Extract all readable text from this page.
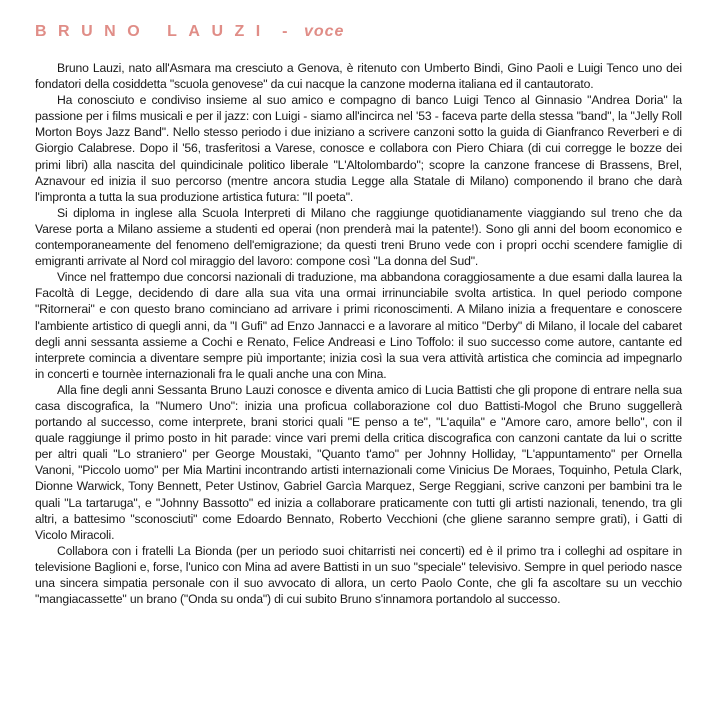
BRUNO LAUZI - voce

Bruno Lauzi, nato all'Asmara ma cresciuto a Genova, è ritenuto con Umberto Bindi, Gino Paoli e Luigi Tenco uno dei fondatori della cosiddetta "scuola genovese" da cui nacque la canzone moderna italiana ed il cantautorato.

Ha conosciuto e condiviso insieme al suo amico e compagno di banco Luigi Tenco al Ginnasio "Andrea Doria" la passione per i films musicali e per il jazz: con Luigi - siamo all'incirca nel '53 - faceva parte della stessa "band", la "Jelly Roll Morton Boys Jazz Band". Nello stesso periodo i due iniziano a scrivere canzoni sotto la guida di Gianfranco Reverberi e di Giorgio Calabrese. Dopo il '56, trasferitosi a Varese, conosce e collabora con Piero Chiara (di cui corregge le bozze dei primi libri) alla nascita del quindicinale politico liberale "L'Altolombardo"; scopre la canzone francese di Brassens, Brel, Aznavour ed inizia il suo percorso (mentre ancora studia Legge alla Statale di Milano) componendo il brano che darà l'impronta a tutta la sua produzione artistica futura: "Il poeta".

Si diploma in inglese alla Scuola Interpreti di Milano che raggiunge quotidianamente viaggiando sul treno che da Varese porta a Milano assieme a studenti ed operai (non prenderà mai la patente!). Sono gli anni del boom economico e contemporaneamente del fenomeno dell'emigrazione; da questi treni Bruno vede con i propri occhi scendere famiglie di emigranti arrivate al Nord col miraggio del lavoro: compone così "La donna del Sud".

Vince nel frattempo due concorsi nazionali di traduzione, ma abbandona coraggiosamente a due esami dalla laurea la Facoltà di Legge, decidendo di dare alla sua vita una ormai irrinunciabile svolta artistica. In quel periodo compone "Ritornerai" e con questo brano cominciano ad arrivare i primi riconoscimenti. A Milano inizia a frequentare e conoscere l'ambiente artistico di quegli anni, da "I Gufi" ad Enzo Jannacci e a lavorare al mitico "Derby" di Milano, il locale del cabaret degli anni sessanta assieme a Cochi e Renato, Felice Andreasi e Lino Toffolo: il suo successo come autore, cantante ed interprete comincia a diventare sempre più importante; inizia così la sua vera attività artistica che comincia ad impegnarlo in concerti e tournèe internazionali fra le quali anche una con Mina.

Alla fine degli anni Sessanta Bruno Lauzi conosce e diventa amico di Lucia Battisti che gli propone di entrare nella sua casa discografica, la "Numero Uno": inizia una proficua collaborazione col duo Battisti-Mogol che Bruno suggellerà portando al successo, come interprete, brani storici quali "E penso a te", "L'aquila" e "Amore caro, amore bello", con il quale raggiunge il primo posto in hit parade: vince vari premi della critica discografica con canzoni cantate da lui o scritte per altri quali "Lo straniero" per George Moustaki, "Quanto t'amo" per Johnny Holliday, "L'appuntamento" per Ornella Vanoni, "Piccolo uomo" per Mia Martini incontrando artisti internazionali come Vinicius De Moraes, Toquinho, Petula Clark, Dionne Warwick, Tony Bennett, Peter Ustinov, Gabriel Garcìa Marquez, Serge Reggiani, scrive canzoni per bambini tra le quali "La tartaruga", e "Johnny Bassotto" ed inizia a collaborare praticamente con tutti gli artisti nazionali, tenendo, tra gli altri, a battesimo "sconosciuti" come Edoardo Bennato, Roberto Vecchioni (che gliene saranno sempre grati), i Gatti di Vicolo Miracoli.

Collabora con i fratelli La Bionda (per un periodo suoi chitarristi nei concerti) ed è il primo tra i colleghi ad ospitare in televisione Baglioni e, forse, l'unico con Mina ad avere Battisti in un suo "speciale" televisivo. Sempre in quel periodo nasce una sincera simpatia personale con il suo avvocato di allora, un certo Paolo Conte, che gli fa ascoltare su un vecchio "mangiacassette" un brano ("Onda su onda") di cui subito Bruno s'innamora portandolo al successo.
